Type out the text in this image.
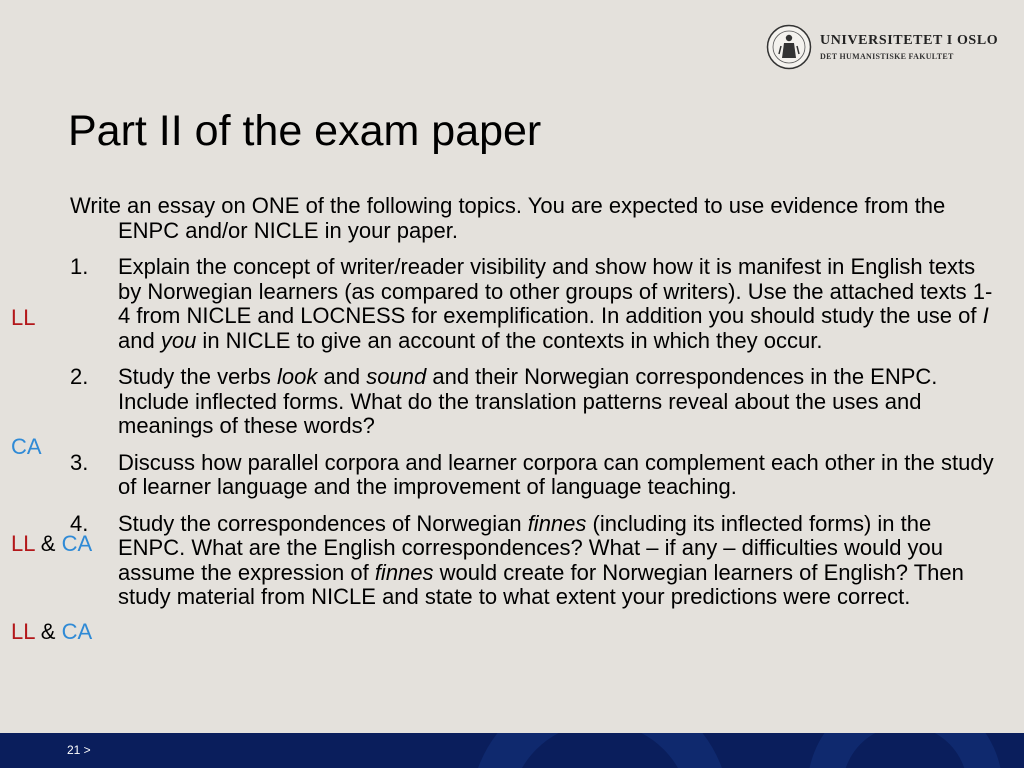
UNIVERSITETET I OSLO
DET HUMANISTISKE FAKULTET
Part II of the exam paper

Write an essay on ONE of the following topics. You are expected to use evidence from the ENPC and/or NICLE in your paper.

1. Explain the concept of writer/reader visibility and show how it is manifest in English texts by Norwegian learners (as compared to other groups of writers). Use the attached texts 1-4 from NICLE and LOCNESS for exemplification. In addition you should study the use of I and you in NICLE to give an account of the contexts in which they occur.
2. Study the verbs look and sound and their Norwegian correspondences in the ENPC. Include inflected forms. What do the translation patterns reveal about the uses and meanings of these words?
3. Discuss how parallel corpora and learner corpora can complement each other in the study of learner language and the improvement of language teaching.
4. Study the correspondences of Norwegian finnes (including its inflected forms) in the ENPC. What are the English correspondences? What – if any – difficulties would you assume the expression of finnes would create for Norwegian learners of English? Then study material from NICLE and state to what extent your predictions were correct.
LL
CA
LL & CA
LL & CA
21 >
